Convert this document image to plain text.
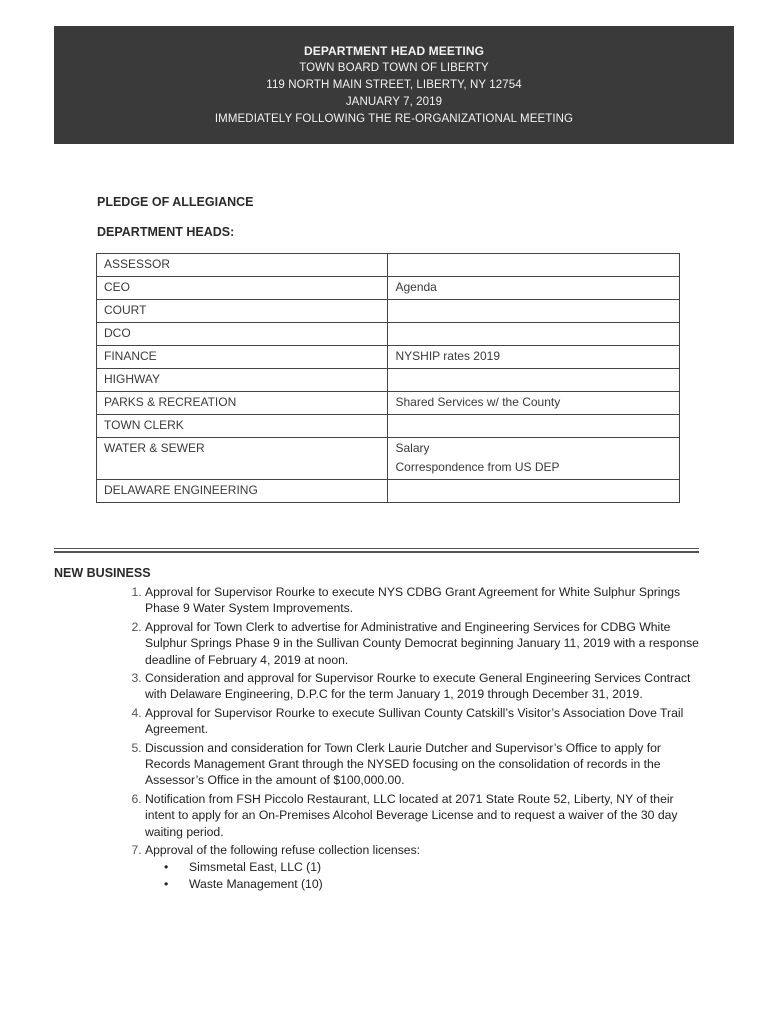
DEPARTMENT HEAD MEETING
TOWN BOARD TOWN OF LIBERTY
119 NORTH MAIN STREET, LIBERTY, NY 12754
JANUARY 7, 2019
IMMEDIATELY FOLLOWING THE RE-ORGANIZATIONAL MEETING
PLEDGE OF ALLEGIANCE
DEPARTMENT HEADS:
ASSESSOR	

CEO	Agenda

COURT	

DCO	

FINANCE	NYSHIP rates 2019

HIGHWAY	

PARKS & RECREATION	Shared Services w/ the County

TOWN CLERK	

WATER & SEWER	Salary
Correspondence from US DEP

DELAWARE ENGINEERING	

NEW BUSINESS
1. Approval for Supervisor Rourke to execute NYS CDBG Grant Agreement for White Sulphur Springs Phase 9 Water System Improvements.
2. Approval for Town Clerk to advertise for Administrative and Engineering Services for CDBG White Sulphur Springs Phase 9 in the Sullivan County Democrat beginning January 11, 2019 with a response deadline of February 4, 2019 at noon.
3. Consideration and approval for Supervisor Rourke to execute General Engineering Services Contract with Delaware Engineering, D.P.C for the term January 1, 2019 through December 31, 2019.
4. Approval for Supervisor Rourke to execute Sullivan County Catskill’s Visitor’s Association Dove Trail Agreement.
5. Discussion and consideration for Town Clerk Laurie Dutcher and Supervisor’s Office to apply for Records Management Grant through the NYSED focusing on the consolidation of records in the Assessor’s Office in the amount of $100,000.00.
6. Notification from FSH Piccolo Restaurant, LLC located at 2071 State Route 52, Liberty, NY of their intent to apply for an On-Premises Alcohol Beverage License and to request a waiver of the 30 day waiting period.
7. Approval of the following refuse collection licenses:
• Simsmetal East, LLC (1)
• Waste Management (10)
